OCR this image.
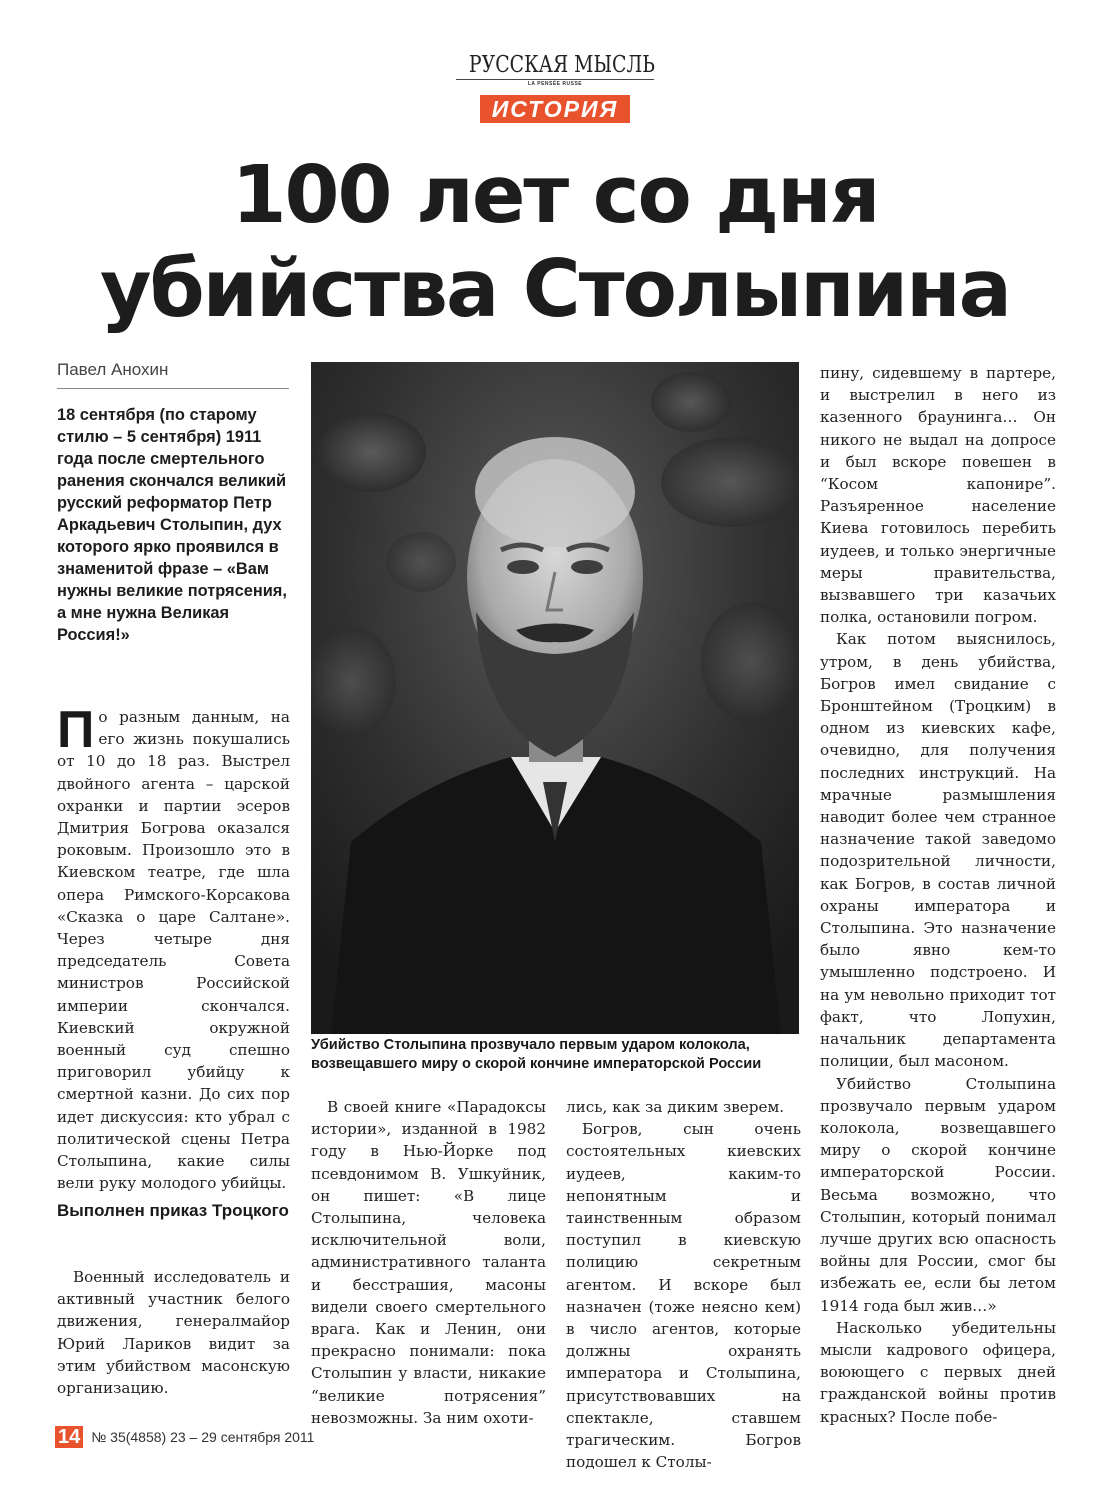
РУССКАЯ МЫСЛЬ
LA PENSÉE RUSSE
ИСТОРИЯ
100 лет со дня
убийства Столыпина
Павел Анохин
18 сентября (по старому стилю – 5 сентября) 1911 года после смертельного ранения скончался великий русский реформатор Петр Аркадьевич Столыпин, дух которого ярко проявился в знаменитой фразе – «Вам нужны великие потрясения, а мне нужна Великая Россия!»

По разным данным, на его жизнь покушались от 10 до 18 раз. Выстрел двойного агента – царской охранки и партии эсеров Дмитрия Богрова оказался роковым. Произошло это в Киевском театре, где шла опера Римского-Корсакова «Сказка о царе Салтане». Через четыре дня председатель Совета министров Российской империи скончался. Киевский окружной военный суд спешно приговорил убийцу к смертной казни. До сих пор идет дискуссия: кто убрал с политической сцены Петра Столыпина, какие силы вели руку молодого убийцы.

Выполнен приказ Троцкого

Военный исследователь и активный участник белого движения, генералмайор Юрий Лариков видит за этим убийством масонскую организацию.

Убийство Столыпина прозвучало первым ударом колокола, возвещавшего миру о скорой кончине императорской России

В своей книге «Парадоксы истории», изданной в 1982 году в Нью-Йорке под псевдонимом В. Ушкуйник, он пишет: «В лице Столыпина, человека исключительной воли, административного таланта и бесстрашия, масоны видели своего смертельного врага. Как и Ленин, они прекрасно понимали: пока Столыпин у власти, никакие “великие потрясения” невозможны. За ним охоти-

лись, как за диким зверем.

Богров, сын очень состоятельных киевских иудеев, каким-то непонятным и таинственным образом поступил в киевскую полицию секретным агентом. И вскоре был назначен (тоже неясно кем) в число агентов, которые должны охранять императора и Столыпина, присутствовавших на спектакле, ставшем трагическим. Богров подошел к Столы-

пину, сидевшему в партере, и выстрелил в него из казенного браунинга… Он никого не выдал на допросе и был вскоре повешен в “Косом капонире”. Разъяренное население Киева готовилось перебить иудеев, и только энергичные меры правительства, вызвавшего три казачьих полка, остановили погром.

Как потом выяснилось, утром, в день убийства, Богров имел свидание с Бронштейном (Троцким) в одном из киевских кафе, очевидно, для получения последних инструкций. На мрачные размышления наводит более чем странное назначение такой заведомо подозрительной личности, как Богров, в состав личной охраны императора и Столыпина. Это назначение было явно кем-то умышленно подстроено. И на ум невольно приходит тот факт, что Лопухин, начальник департамента полиции, был масоном.

Убийство Столыпина прозвучало первым ударом колокола, возвещавшего миру о скорой кончине императорской России. Весьма возможно, что Столыпин, который понимал лучше других всю опасность войны для России, смог бы избежать ее, если бы летом 1914 года был жив…»

Насколько убедительны мысли кадрового офицера, воюющего с первых дней гражданской войны против красных? После побе-

14 № 35(4858) 23 – 29 сентября 2011
